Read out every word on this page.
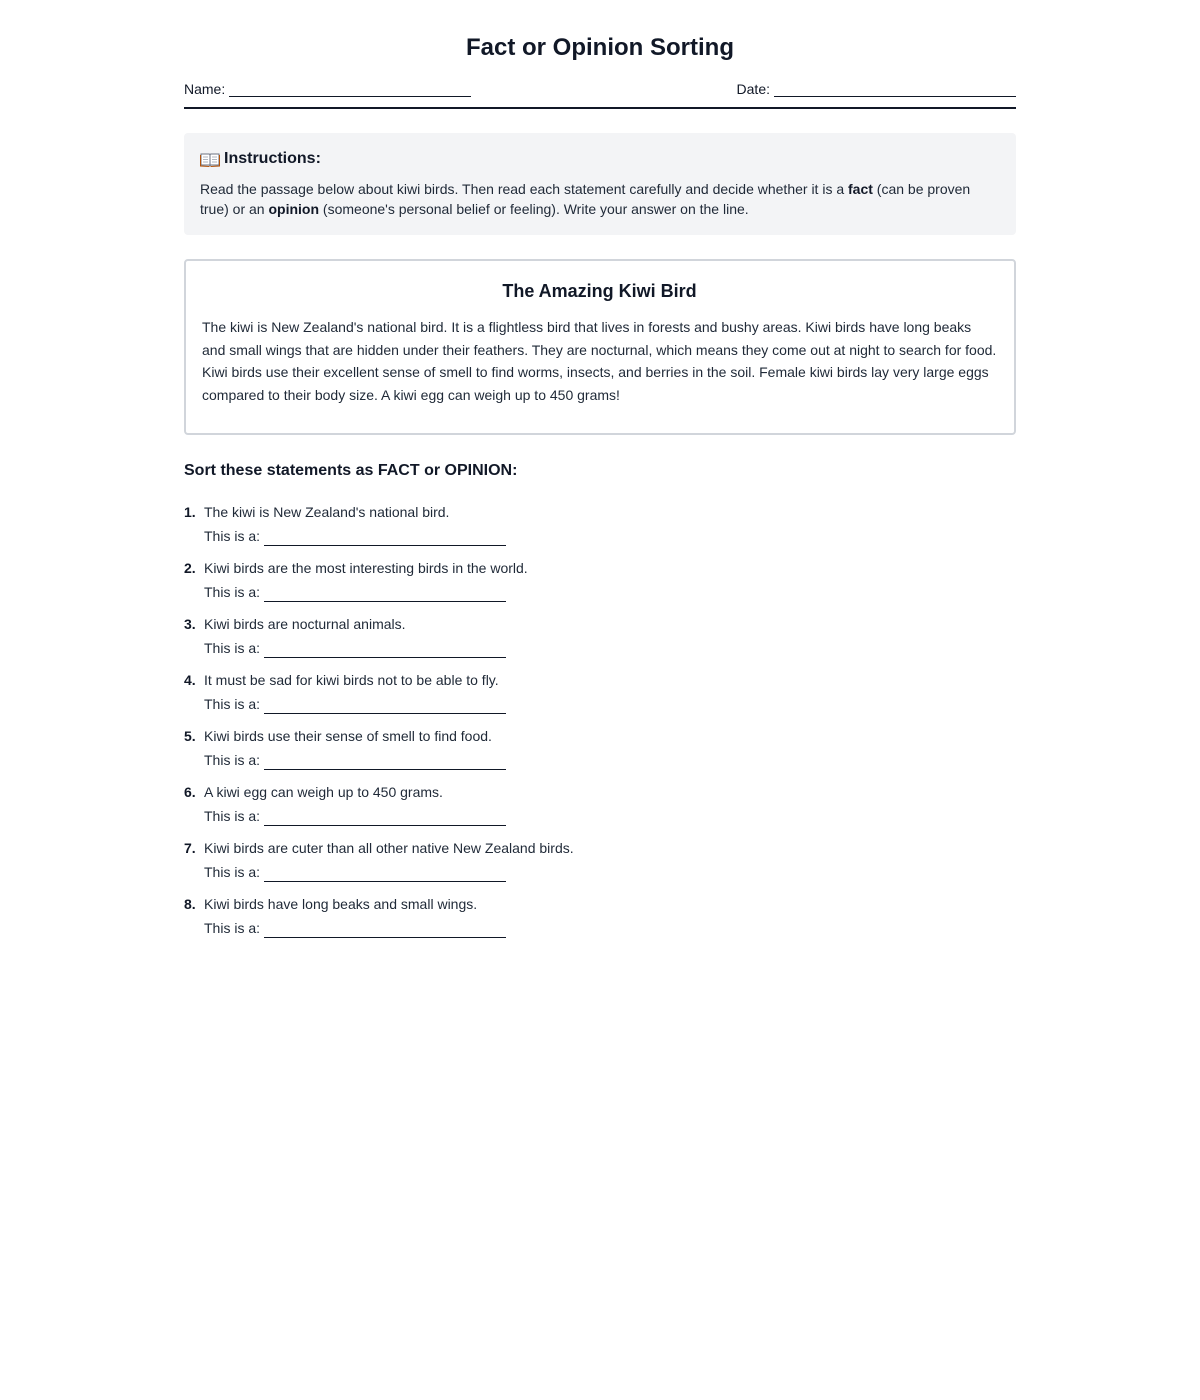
Fact or Opinion Sorting
Name:	Date:
Instructions:
Read the passage below about kiwi birds. Then read each statement carefully and decide whether it is a fact (can be proven true) or an opinion (someone's personal belief or feeling). Write your answer on the line.
The Amazing Kiwi Bird
The kiwi is New Zealand's national bird. It is a flightless bird that lives in forests and bushy areas. Kiwi birds have long beaks and small wings that are hidden under their feathers. They are nocturnal, which means they come out at night to search for food. Kiwi birds use their excellent sense of smell to find worms, insects, and berries in the soil. Female kiwi birds lay very large eggs compared to their body size. A kiwi egg can weigh up to 450 grams!
Sort these statements as FACT or OPINION:
1. The kiwi is New Zealand's national bird.
This is a:
2. Kiwi birds are the most interesting birds in the world.
This is a:
3. Kiwi birds are nocturnal animals.
This is a:
4. It must be sad for kiwi birds not to be able to fly.
This is a:
5. Kiwi birds use their sense of smell to find food.
This is a:
6. A kiwi egg can weigh up to 450 grams.
This is a:
7. Kiwi birds are cuter than all other native New Zealand birds.
This is a:
8. Kiwi birds have long beaks and small wings.
This is a:
